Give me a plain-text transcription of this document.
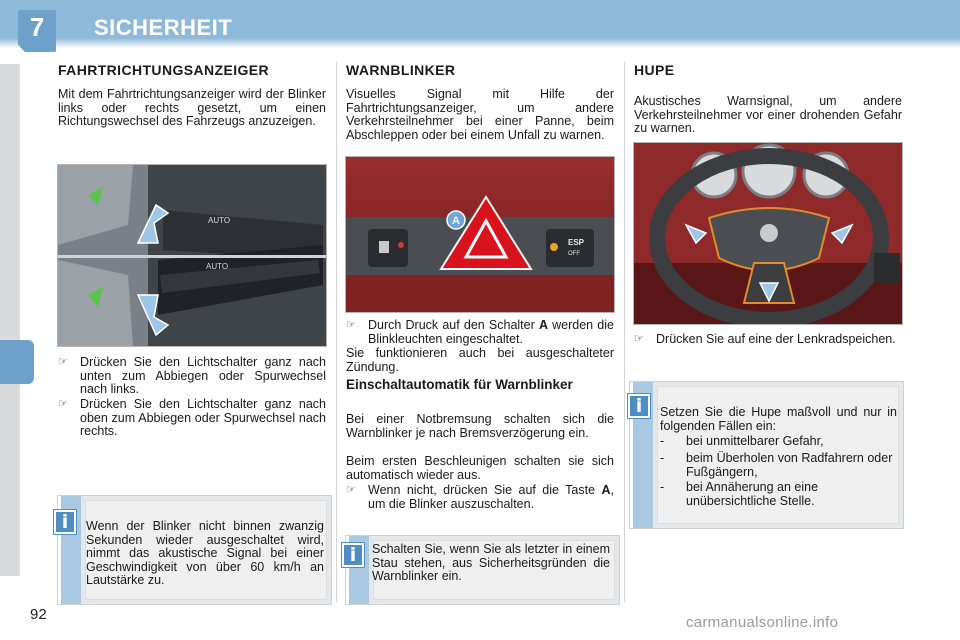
7	SICHERHEIT
FAHRTRICHTUNGSANZEIGER
Mit dem Fahrtrichtungsanzeiger wird der Blinker links oder rechts gesetzt, um einen Richtungswechsel des Fahrzeugs anzuzeigen.
AUTO
AUTO
☞ Drücken Sie den Lichtschalter ganz nach unten zum Abbiegen oder Spurwechsel nach links.
☞ Drücken Sie den Lichtschalter ganz nach oben zum Abbiegen oder Spurwechsel nach rechts.
i	Wenn der Blinker nicht binnen zwanzig Sekunden wieder ausgeschaltet wird, nimmt das akustische Signal bei einer Geschwindigkeit von über 60 km/h an Lautstärke zu.
WARNBLINKER
Visuelles Signal mit Hilfe der Fahrtrichtungsanzeiger, um andere Verkehrsteilnehmer bei einer Panne, beim Abschleppen oder bei einem Unfall zu warnen.
ESP
OFF
A
☞ Durch Druck auf den Schalter A werden die Blinkleuchten eingeschaltet.
Sie funktionieren auch bei ausgeschalteter Zündung.
Einschaltautomatik für Warnblinker
Bei einer Notbremsung schalten sich die Warnblinker je nach Bremsverzögerung ein.
Beim ersten Beschleunigen schalten sie sich automatisch wieder aus.
☞ Wenn nicht, drücken Sie auf die Taste A, um die Blinker auszuschalten.
i	Schalten Sie, wenn Sie als letzter in einem Stau stehen, aus Sicherheitsgründen die Warnblinker ein.
HUPE
Akustisches Warnsignal, um andere Verkehrsteilnehmer vor einer drohenden Gefahr zu warnen.
☞ Drücken Sie auf eine der Lenkradspeichen.
i	Setzen Sie die Hupe maßvoll und nur in folgenden Fällen ein:
- bei unmittelbarer Gefahr,
- beim Überholen von Radfahrern oder Fußgängern,
- bei Annäherung an eine unübersichtliche Stelle.
92	carmanualsonline.info
